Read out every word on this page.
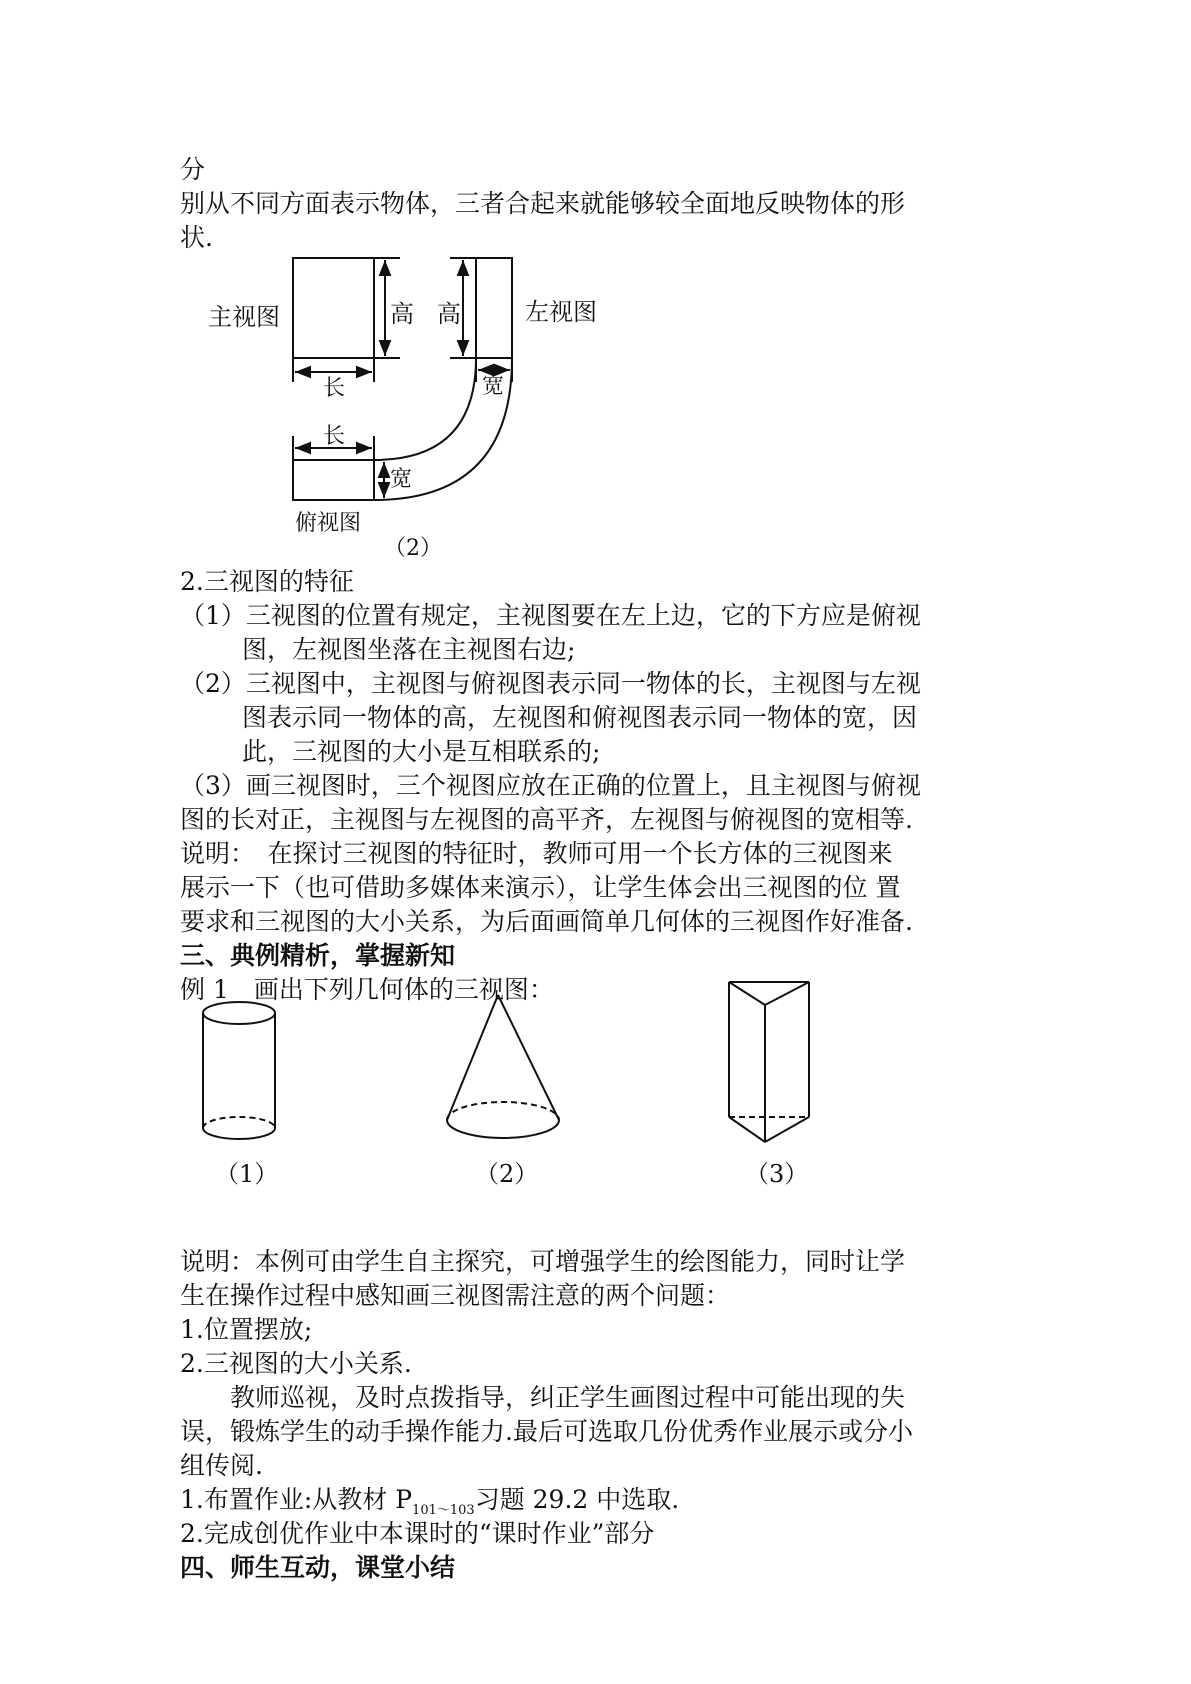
分
别从不同方面表示物体，三者合起来就能够较全面地反映物体的形
状.
主视图	左视图
俯视图
高 高
长	宽
长
宽
（2）
（1）	（2）	（3）
2.三视图的特征
（1）三视图的位置有规定，主视图要在左上边，它的下方应是俯视
图，左视图坐落在主视图右边;
（2）三视图中，主视图与俯视图表示同一物体的长，主视图与左视
图表示同一物体的高，左视图和俯视图表示同一物体的宽，因
此，三视图的大小是互相联系的;
（3）画三视图时，三个视图应放在正确的位置上，且主视图与俯视
图的长对正，主视图与左视图的高平齐，左视图与俯视图的宽相等.
说明：　在探讨三视图的特征时，教师可用一个长方体的三视图来
展示一下（也可借助多媒体来演示），让学生体会出三视图的位 置
要求和三视图的大小关系，为后面画简单几何体的三视图作好准备.
三、典例精析，掌握新知
例 1　画出下列几何体的三视图：
说明：本例可由学生自主探究，可增强学生的绘图能力，同时让学
生在操作过程中感知画三视图需注意的两个问题：
1.位置摆放;
2.三视图的大小关系.
　　教师巡视，及时点拨指导，纠正学生画图过程中可能出现的失
误，锻炼学生的动手操作能力.最后可选取几份优秀作业展示或分小
组传阅.
1.布置作业:从教材 $P_{101\sim 103}$习题 29.2 中选取.
2.完成创优作业中本课时的“课时作业”部分
四、师生互动，课堂小结
